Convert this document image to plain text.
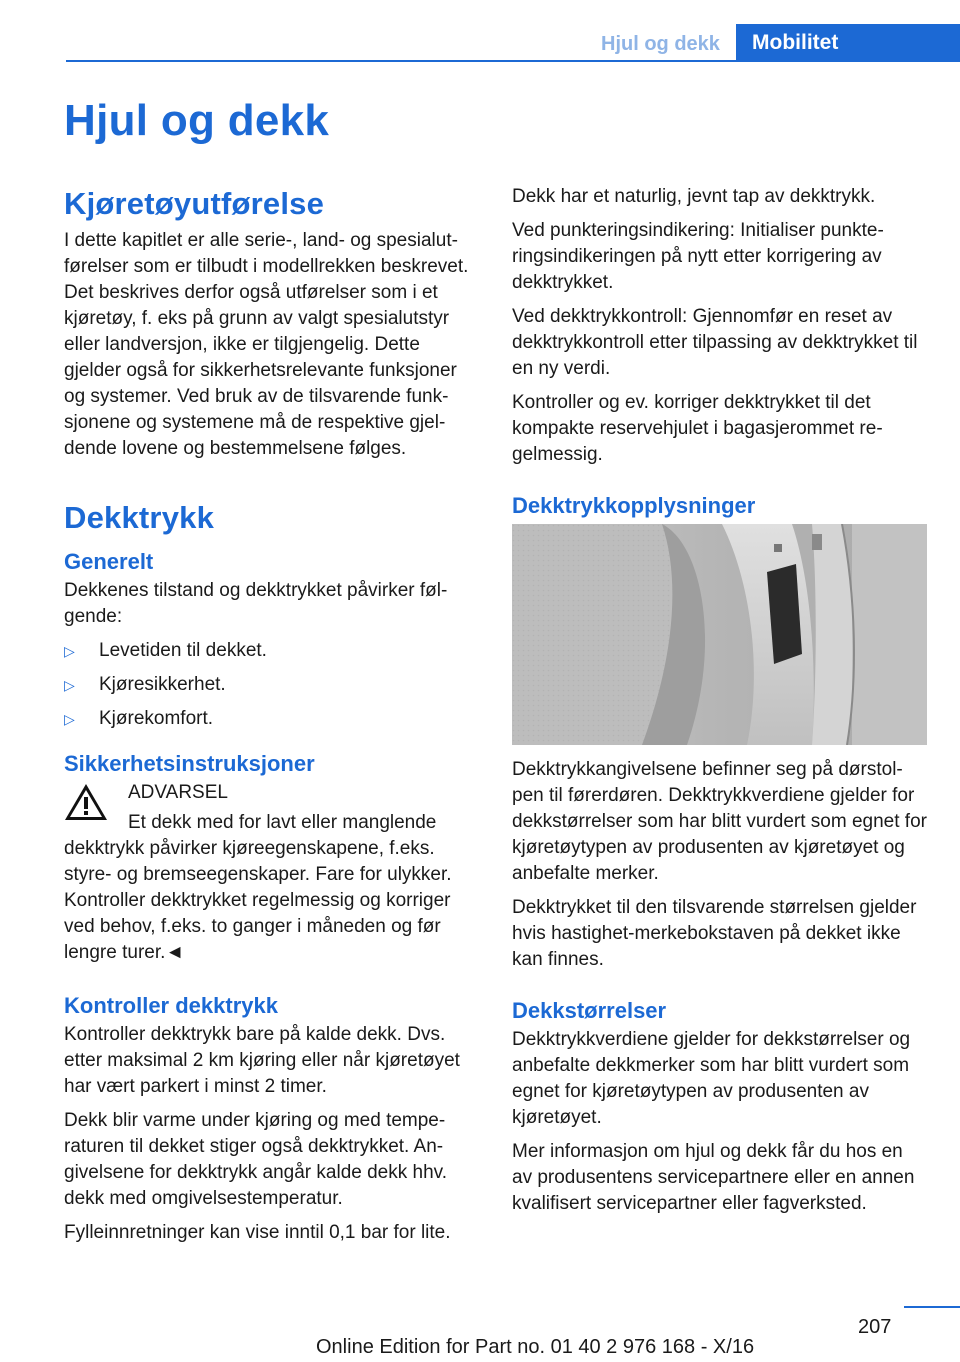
Hjul og dekk	Mobilitet
Hjul og dekk
Kjøretøyutførelse

I dette kapitlet er alle serie-, land- og spesialutførelser som er tilbudt i modellrekken beskrevet. Det beskrives derfor også utførelser som i et kjøretøy, f. eks på grunn av valgt spesialutstyr eller landversjon, ikke er tilgjengelig. Dette gjelder også for sikkerhetsrelevante funksjoner og systemer. Ved bruk av de tilsvarende funksjonene og systemene må de respektive gjeldende lovene og bestemmelsene følges.

Dekktrykk
Generelt

Dekkenes tilstand og dekktrykket påvirker følgende:

▷ Levetiden til dekket.
▷ Kjøresikkerhet.
▷ Kjørekomfort.
Sikkerhetsinstruksjoner

ADVARSEL

Et dekk med for lavt eller manglende

dekktrykk påvirker kjøreegenskapene, f.eks. styre- og bremseegenskaper. Fare for ulykker. Kontroller dekktrykket regelmessig og korriger ved behov, f.eks. to ganger i måneden og før lengre turer.◄

Kontroller dekktrykk

Kontroller dekktrykk bare på kalde dekk. Dvs. etter maksimal 2 km kjøring eller når kjøretøyet har vært parkert i minst 2 timer.

Dekk blir varme under kjøring og med temperaturen til dekket stiger også dekktrykket. Angivelsene for dekktrykk angår kalde dekk hhv. dekk med omgivelsestemperatur.

Fylleinnretninger kan vise inntil 0,1 bar for lite.

Dekk har et naturlig, jevnt tap av dekktrykk.

Ved punkteringsindikering: Initialiser punkteringsindikeringen på nytt etter korrigering av dekktrykket.

Ved dekktrykkontroll: Gjennomfør en reset av dekktrykkontroll etter tilpassing av dekktrykket til en ny verdi.

Kontroller og ev. korriger dekktrykket til det kompakte reservehjulet i bagasjerommet regelmessig.

Dekktrykkopplysninger

Dekktrykkangivelsene befinner seg på dørstolpen til førerdøren. Dekktrykkverdiene gjelder for dekkstørrelser som har blitt vurdert som egnet for kjøretøytypen av produsenten av kjøretøyet og anbefalte merker.

Dekktrykket til den tilsvarende størrelsen gjelder hvis hastighet-merkebokstaven på dekket ikke kan finnes.

Dekkstørrelser

Dekktrykkverdiene gjelder for dekkstørrelser og anbefalte dekkmerker som har blitt vurdert som egnet for kjøretøytypen av produsenten av kjøretøyet.

Mer informasjon om hjul og dekk får du hos en av produsentens servicepartnere eller en annen kvalifisert servicepartner eller fagverksted.

207
Online Edition for Part no. 01 40 2 976 168 - X/16
